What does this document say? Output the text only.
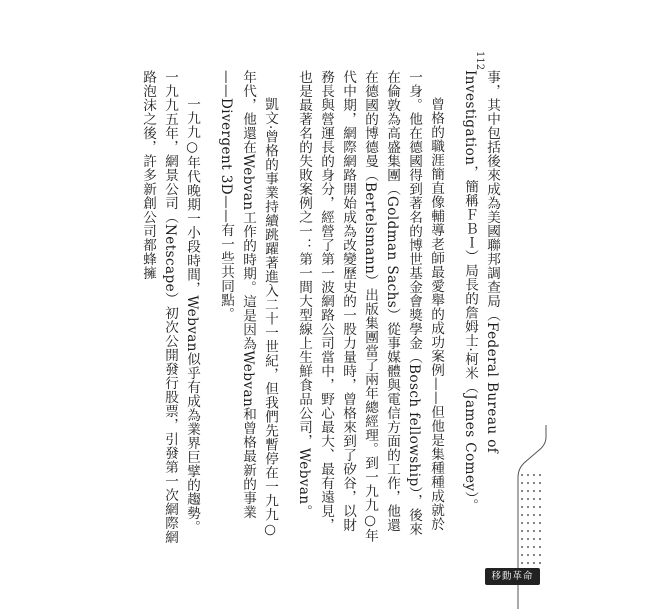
112

事，其中包括後來成為美國聯邦調查局（Federal Bureau of Investigation，簡稱ＦＢＩ）局長的詹姆士‧柯米（James Comey）。

曾格的職涯簡直像輔導老師最愛舉的成功案例——但他是集種種成就於一身。他在德國得到著名的博世基金會獎學金（Bosch fellowship），後來在倫敦為高盛集團（Goldman Sachs）從事媒體與電信方面的工作，他還在德國的博德曼（Bertelsmann）出版集團當了兩年總經理。到一九九○年代中期，網際網路開始成為改變歷史的一股力量時，曾格來到了矽谷，以財務長與營運長的身分，經營了第一波網路公司當中，野心最大、最有遠見，也是最著名的失敗案例之一：第一間大型線上生鮮食品公司，Webvan。

凱文‧曾格的事業持續跳躍著進入二十一世紀，但我們先暫停在一九九○年代，他還在Webvan工作的時期。這是因為Webvan和曾格最新的事業——Divergent 3D——有一些共同點。

一九九○年代晚期一小段時間，Webvan似乎有成為業界巨擘的趨勢。一九九五年，網景公司（Netscape）初次公開發行股票，引發第一次網際網路泡沫之後，許多新創公司都蜂擁

移動革命
